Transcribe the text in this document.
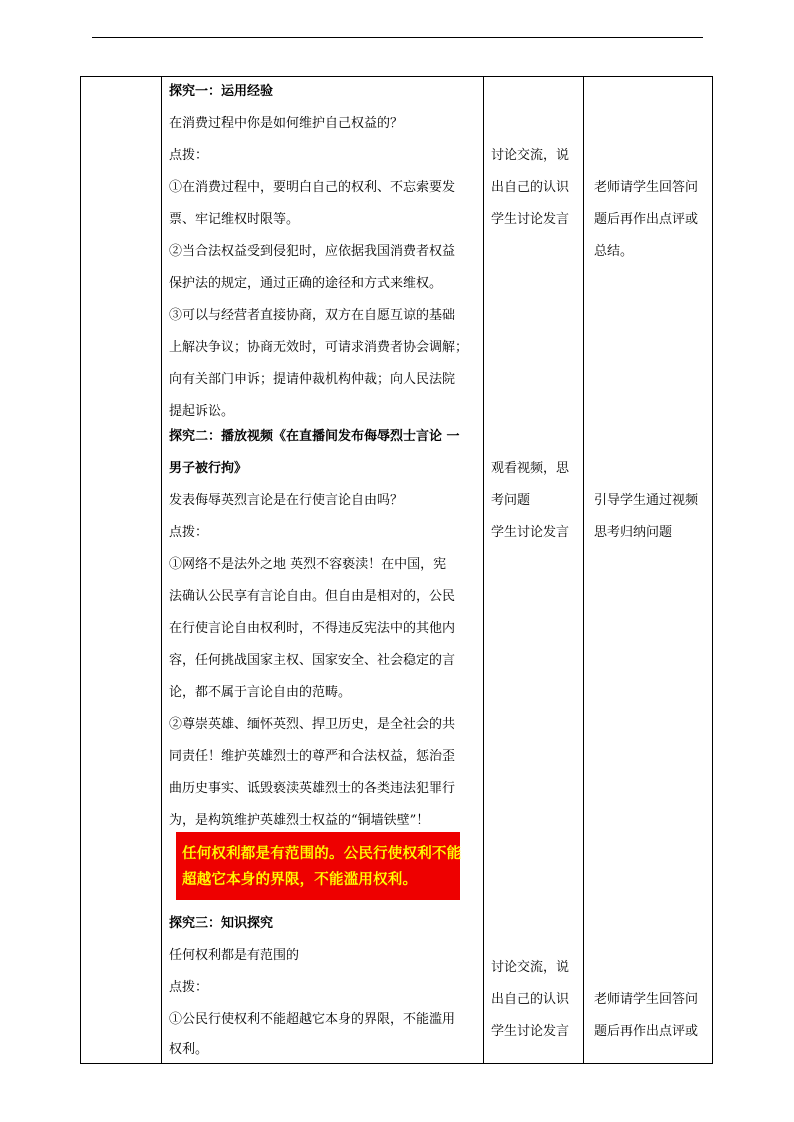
探究一：运用经验
在消费过程中你是如何维护自己权益的？
点拨：
①在消费过程中，要明白自己的权利、不忘索要发
票、牢记维权时限等。
②当合法权益受到侵犯时，应依据我国消费者权益
保护法的规定，通过正确的途径和方式来维权。
③可以与经营者直接协商，双方在自愿互谅的基础
上解决争议；协商无效时，可请求消费者协会调解；
向有关部门申诉；提请仲裁机构仲裁；向人民法院
提起诉讼。
探究二：播放视频《在直播间发布侮辱烈士言论 一
男子被行拘》
发表侮辱英烈言论是在行使言论自由吗？
点拨：
①网络不是法外之地 英烈不容亵渎！在中国，宪
法确认公民享有言论自由。但自由是相对的，公民
在行使言论自由权利时，不得违反宪法中的其他内
容，任何挑战国家主权、国家安全、社会稳定的言
论，都不属于言论自由的范畴。
②尊崇英雄、缅怀英烈、捍卫历史，是全社会的共
同责任！维护英雄烈士的尊严和合法权益，惩治歪
曲历史事实、诋毁亵渎英雄烈士的各类违法犯罪行
为，是构筑维护英雄烈士权益的“铜墙铁壁”！
探究三：知识探究
任何权利都是有范围的
点拨：
①公民行使权利不能超越它本身的界限，不能滥用
权利。
任何权利都是有范围的。公民行使权利不能
超越它本身的界限，不能滥用权利。
讨论交流，说
出自己的认识
学生讨论发言
观看视频，思
考问题
学生讨论发言
讨论交流，说
出自己的认识
学生讨论发言
老师请学生回答问
题后再作出点评或
总结。
引导学生通过视频
思考归纳问题
老师请学生回答问
题后再作出点评或
